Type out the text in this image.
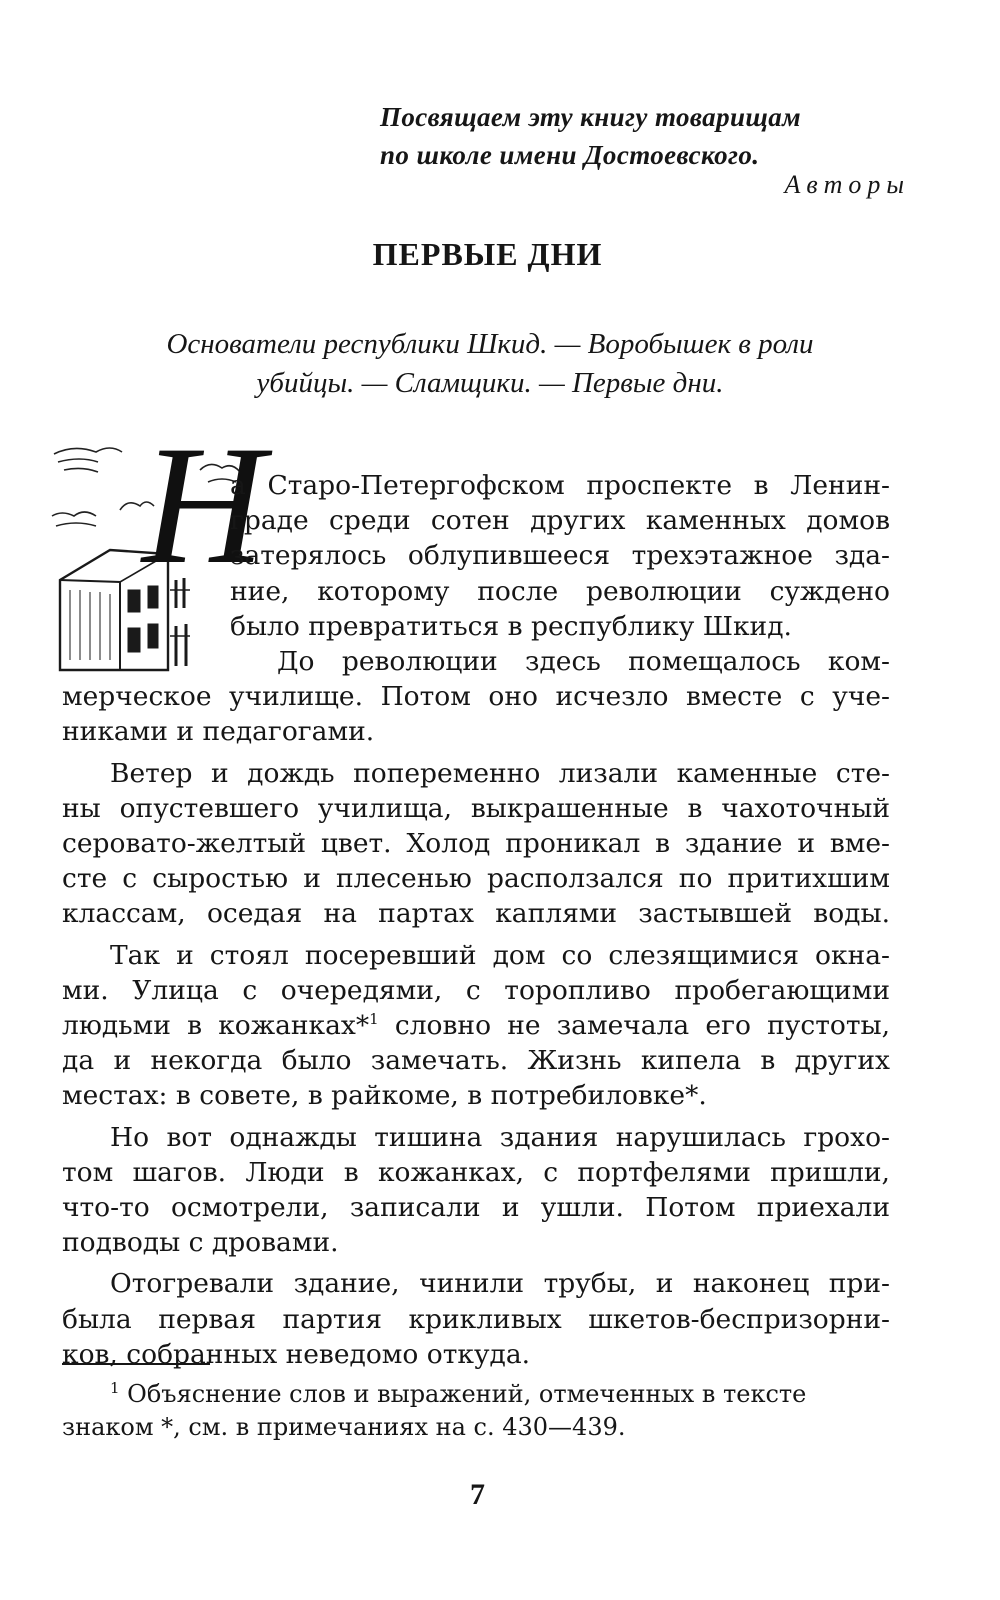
Посвящаем эту книгу товарищам
по школе имени Достоевского.
Авторы
ПЕРВЫЕ ДНИ
Основатели республики Шкид. — Воробышек в роли
убийцы. — Сламщики. — Первые дни.
Н
а Старо-Петергофском проспекте в Ленин-
граде среди сотен других каменных домов
затерялось облупившееся трехэтажное зда-
ние, которому после революции суждено
было превратиться в республику Шкид.
До революции здесь помещалось ком-
мерческое училище. Потом оно исчезло вместе с уче-
никами и педагогами.
Ветер и дождь попеременно лизали каменные сте-
ны опустевшего училища, выкрашенные в чахоточный
серовато-желтый цвет. Холод проникал в здание и вме-
сте с сыростью и плесенью расползался по притихшим
классам, оседая на партах каплями застывшей воды.
Так и стоял посеревший дом со слезящимися окна-
ми. Улица с очередями, с торопливо пробегающими
людьми в кожанках*$^1$ словно не замечала его пустоты,
да и некогда было замечать. Жизнь кипела в других
местах: в совете, в райкоме, в потребиловке*.
Но вот однажды тишина здания нарушилась грохо-
том шагов. Люди в кожанках, с портфелями пришли,
что-то осмотрели, записали и ушли. Потом приехали
подводы с дровами.
Отогревали здание, чинили трубы, и наконец при-
была первая партия крикливых шкетов-беспризорни-
ков, собранных неведомо откуда.
$^1$ Объяснение слов и выражений, отмеченных в тексте
знаком *, см. в примечаниях на с. 430—439.
7
